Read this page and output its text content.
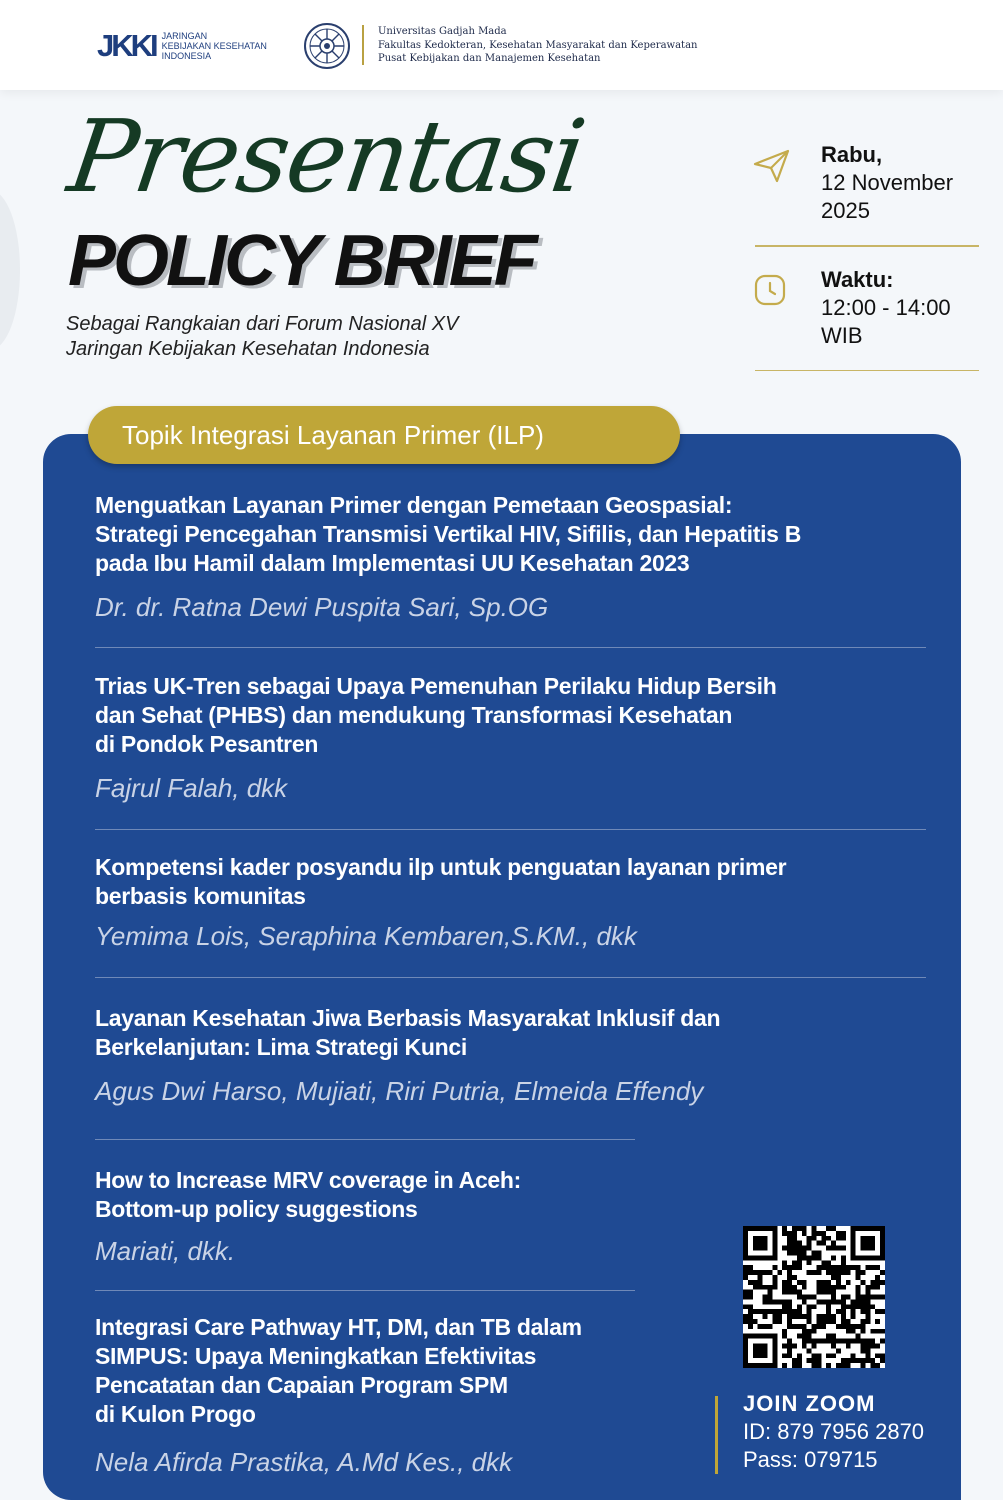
JKKI JARINGAN
KEBIJAKAN KESEHATAN
INDONESIA
Universitas Gadjah Mada
Fakultas Kedokteran, Kesehatan Masyarakat dan Keperawatan
Pusat Kebijakan dan Manajemen Kesehatan
Presentasi
POLICY BRIEF
Sebagai Rangkaian dari Forum Nasional XV
Jaringan Kebijakan Kesehatan Indonesia
Rabu,
12 November
2025
Waktu:
12:00 - 14:00
WIB
Topik Integrasi Layanan Primer (ILP)
Menguatkan Layanan Primer dengan Pemetaan Geospasial:
Strategi Pencegahan Transmisi Vertikal HIV, Sifilis, dan Hepatitis B
pada Ibu Hamil dalam Implementasi UU Kesehatan 2023
Dr. dr. Ratna Dewi Puspita Sari, Sp.OG
Trias UK-Tren sebagai Upaya Pemenuhan Perilaku Hidup Bersih
dan Sehat (PHBS) dan mendukung Transformasi Kesehatan
di Pondok Pesantren
Fajrul Falah, dkk
Kompetensi kader posyandu ilp untuk penguatan layanan primer
berbasis komunitas
Yemima Lois, Seraphina Kembaren,S.KM., dkk
Layanan Kesehatan Jiwa Berbasis Masyarakat Inklusif dan
Berkelanjutan: Lima Strategi Kunci
Agus Dwi Harso, Mujiati, Riri Putria, Elmeida Effendy
How to Increase MRV coverage in Aceh:
Bottom-up policy suggestions
Mariati, dkk.
Integrasi Care Pathway HT, DM, dan TB dalam
SIMPUS: Upaya Meningkatkan Efektivitas
Pencatatan dan Capaian Program SPM
di Kulon Progo
Nela Afirda Prastika, A.Md Kes., dkk
JOIN ZOOM
ID: 879 7956 2870
Pass: 079715
